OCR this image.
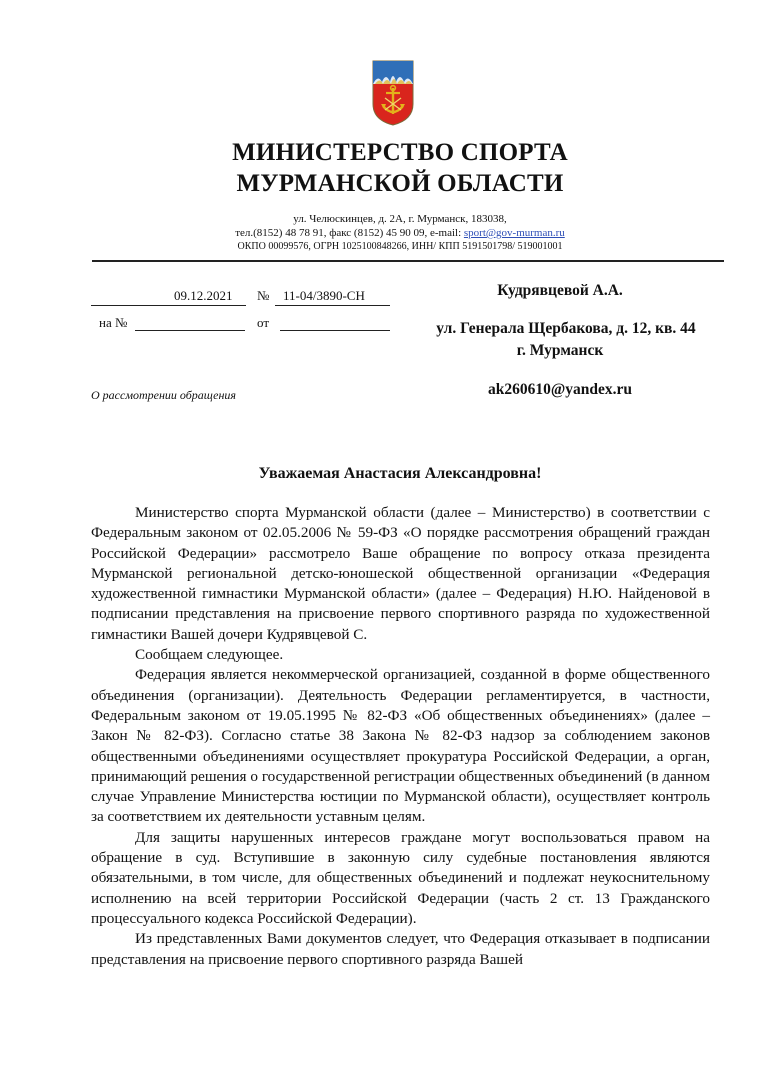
МИНИСТЕРСТВО СПОРТА
МУРМАНСКОЙ ОБЛАСТИ
ул. Челюскинцев, д. 2А, г. Мурманск, 183038,
тел.(8152) 48 78 91, факс (8152) 45 90 09, e-mail: sport@gov-murman.ru
ОКПО 00099576, ОГРН 1025100848266, ИНН/ КПП 5191501798/ 519001001
09.12.2021 № 11-04/3890-СН
на №	от
Кудрявцевой А.А.
ул. Генерала Щербакова, д. 12, кв. 44
г. Мурманск
ak260610@yandex.ru
О рассмотрении обращения
Уважаемая Анастасия Александровна!

Министерство спорта Мурманской области (далее – Министерство) в соответствии с Федеральным законом от 02.05.2006 № 59-ФЗ «О порядке рассмотрения обращений граждан Российской Федерации» рассмотрело Ваше обращение по вопросу отказа президента Мурманской региональной детско-юношеской общественной организации «Федерация художественной гимнастики Мурманской области» (далее – Федерация) Н.Ю. Найденовой в подписании представления на присвоение первого спортивного разряда по художественной гимнастики Вашей дочери Кудрявцевой С.

Сообщаем следующее.

Федерация является некоммерческой организацией, созданной в форме общественного объединения (организации). Деятельность Федерации регламентируется, в частности, Федеральным законом от 19.05.1995 № 82-ФЗ «Об общественных объединениях» (далее – Закон № 82-ФЗ). Согласно статье 38 Закона № 82-ФЗ надзор за соблюдением законов общественными объединениями осуществляет прокуратура Российской Федерации, а орган, принимающий решения о государственной регистрации общественных объединений (в данном случае Управление Министерства юстиции по Мурманской области), осуществляет контроль за соответствием их деятельности уставным целям.

Для защиты нарушенных интересов граждане могут воспользоваться правом на обращение в суд. Вступившие в законную силу судебные постановления являются обязательными, в том числе, для общественных объединений и подлежат неукоснительному исполнению на всей территории Российской Федерации (часть 2 ст. 13 Гражданского процессуального кодекса Российской Федерации).

Из представленных Вами документов следует, что Федерация отказывает в подписании представления на присвоение первого спортивного разряда Вашей
